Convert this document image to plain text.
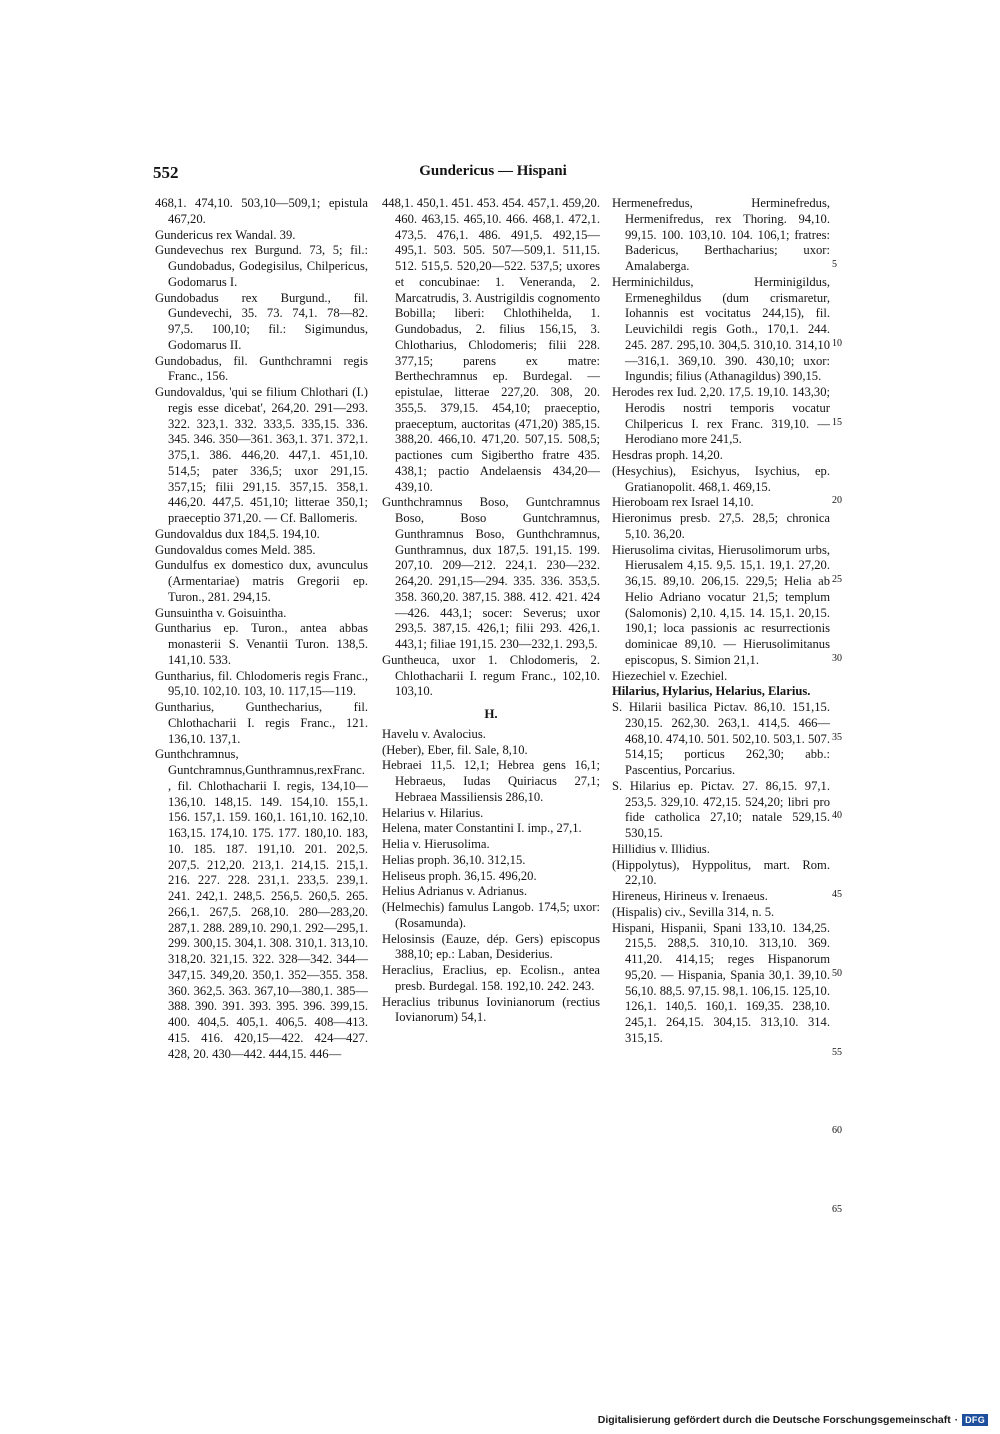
552	Gundericus — Hispani

468,1. 474,10. 503,10—509,1; epistula 467,20.

Gundericus rex Wandal. 39.

Gundevechus rex Burgund. 73, 5; fil.: Gundobadus, Godegisilus, Chilpericus, Godomarus I.

Gundobadus rex Burgund., fil. Gundevechi, 35. 73. 74,1. 78—82. 97,5. 100,10; fil.: Sigimundus, Godomarus II.

Gundobadus, fil. Gunthchramni regis Franc., 156.

Gundovaldus, 'qui se filium Chlothari (I.) regis esse dicebat', 264,20. 291—293. 322. 323,1. 332. 333,5. 335,15. 336. 345. 346. 350—361. 363,1. 371. 372,1. 375,1. 386. 446,20. 447,1. 451,10. 514,5; pater 336,5; uxor 291,15. 357,15; filii 291,15. 357,15. 358,1. 446,20. 447,5. 451,10; litterae 350,1; praeceptio 371,20. — Cf. Ballomeris.

Gundovaldus dux 184,5. 194,10.

Gundovaldus comes Meld. 385.

Gundulfus ex domestico dux, avunculus (Armentariae) matris Gregorii ep. Turon., 281. 294,15.

Gunsuintha v. Goisuintha.

Guntharius ep. Turon., antea abbas monasterii S. Venantii Turon. 138,5. 141,10. 533.

Guntharius, fil. Chlodomeris regis Franc., 95,10. 102,10. 103, 10. 117,15—119.

Guntharius, Gunthecharius, fil. Chlothacharii I. regis Franc., 121. 136,10. 137,1.

Gunthchramnus, Guntchramnus,Gunthramnus,rexFranc., fil. Chlothacharii I. regis, 134,10—136,10. 148,15. 149. 154,10. 155,1. 156. 157,1. 159. 160,1. 161,10. 162,10. 163,15. 174,10. 175. 177. 180,10. 183, 10. 185. 187. 191,10. 201. 202,5. 207,5. 212,20. 213,1. 214,15. 215,1. 216. 227. 228. 231,1. 233,5. 239,1. 241. 242,1. 248,5. 256,5. 260,5. 265. 266,1. 267,5. 268,10. 280—283,20. 287,1. 288. 289,10. 290,1. 292—295,1. 299. 300,15. 304,1. 308. 310,1. 313,10. 318,20. 321,15. 322. 328—342. 344—347,15. 349,20. 350,1. 352—355. 358. 360. 362,5. 363. 367,10—380,1. 385—388. 390. 391. 393. 395. 396. 399,15. 400. 404,5. 405,1. 406,5. 408—413. 415. 416. 420,15—422. 424—427. 428, 20. 430—442. 444,15. 446—

448,1. 450,1. 451. 453. 454. 457,1. 459,20. 460. 463,15. 465,10. 466. 468,1. 472,1. 473,5. 476,1. 486. 491,5. 492,15—495,1. 503. 505. 507—509,1. 511,15. 512. 515,5. 520,20—522. 537,5; uxores et concubinae: 1. Veneranda, 2. Marcatrudis, 3. Austrigildis cognomento Bobilla; liberi: Chlothihelda, 1. Gundobadus, 2. filius 156,15, 3. Chlotharius, Chlodomeris; filii 228. 377,15; parens ex matre: Berthechramnus ep. Burdegal. — epistulae, litterae 227,20. 308, 20. 355,5. 379,15. 454,10; praeceptio, praeceptum, auctoritas (471,20) 385,15. 388,20. 466,10. 471,20. 507,15. 508,5; pactiones cum Sigibertho fratre 435. 438,1; pactio Andelaensis 434,20—439,10.

Gunthchramnus Boso, Guntchramnus Boso, Boso Guntchramnus, Gunthramnus Boso, Gunthchramnus, Gunthramnus, dux 187,5. 191,15. 199. 207,10. 209—212. 224,1. 230—232. 264,20. 291,15—294. 335. 336. 353,5. 358. 360,20. 387,15. 388. 412. 421. 424—426. 443,1; socer: Severus; uxor 293,5. 387,15. 426,1; filii 293. 426,1. 443,1; filiae 191,15. 230—232,1. 293,5.

Guntheuca, uxor 1. Chlodomeris, 2. Chlothacharii I. regum Franc., 102,10. 103,10.

H.

Havelu v. Avalocius.

(Heber), Eber, fil. Sale, 8,10.

Hebraei 11,5. 12,1; Hebrea gens 16,1; Hebraeus, Iudas Quiriacus 27,1; Hebraea Massiliensis 286,10.

Helarius v. Hilarius.

Helena, mater Constantini I. imp., 27,1.

Helia v. Hierusolima.

Helias proph. 36,10. 312,15.

Heliseus proph. 36,15. 496,20.

Helius Adrianus v. Adrianus.

(Helmechis) famulus Langob. 174,5; uxor: (Rosamunda).

Helosinsis (Eauze, dép. Gers) episcopus 388,10; ep.: Laban, Desiderius.

Heraclius, Eraclius, ep. Ecolisn., antea presb. Burdegal. 158. 192,10. 242. 243.

Heraclius tribunus Iovinianorum (rectius Iovianorum) 54,1.

Hermenefredus, Herminefredus, Hermenifredus, rex Thoring. 94,10. 99,15. 100. 103,10. 104. 106,1; fratres: Badericus, Berthacharius; uxor: Amalaberga.

Herminichildus, Herminigildus, Ermeneghildus (dum crismaretur, Iohannis est vocitatus 244,15), fil. Leuvichildi regis Goth., 170,1. 244. 245. 287. 295,10. 304,5. 310,10. 314,10—316,1. 369,10. 390. 430,10; uxor: Ingundis; filius (Athanagildus) 390,15.

Herodes rex Iud. 2,20. 17,5. 19,10. 143,30; Herodis nostri temporis vocatur Chilpericus I. rex Franc. 319,10. — Herodiano more 241,5.

Hesdras proph. 14,20.

(Hesychius), Esichyus, Isychius, ep. Gratianopolit. 468,1. 469,15.

Hieroboam rex Israel 14,10.

Hieronimus presb. 27,5. 28,5; chronica 5,10. 36,20.

Hierusolima civitas, Hierusolimorum urbs, Hierusalem 4,15. 9,5. 15,1. 19,1. 27,20. 36,15. 89,10. 206,15. 229,5; Helia ab Helio Adriano vocatur 21,5; templum (Salomonis) 2,10. 4,15. 14. 15,1. 20,15. 190,1; loca passionis ac resurrectionis dominicae 89,10. — Hierusolimitanus episcopus, S. Simion 21,1.

Hiezechiel v. Ezechiel.

Hilarius, Hylarius, Helarius, Elarius.

S. Hilarii basilica Pictav. 86,10. 151,15. 230,15. 262,30. 263,1. 414,5. 466—468,10. 474,10. 501. 502,10. 503,1. 507. 514,15; porticus 262,30; abb.: Pascentius, Porcarius.

S. Hilarius ep. Pictav. 27. 86,15. 97,1. 253,5. 329,10. 472,15. 524,20; libri pro fide catholica 27,10; natale 529,15. 530,15.

Hillidius v. Illidius.

(Hippolytus), Hyppolitus, mart. Rom. 22,10.

Hireneus, Hirineus v. Irenaeus.

(Hispalis) civ., Sevilla 314, n. 5.

Hispani, Hispanii, Spani 133,10. 134,25. 215,5. 288,5. 310,10. 313,10. 369. 411,20. 414,15; reges Hispanorum 95,20. — Hispania, Spania 30,1. 39,10. 56,10. 88,5. 97,15. 98,1. 106,15. 125,10. 126,1. 140,5. 160,1. 169,35. 238,10. 245,1. 264,15. 304,15. 313,10. 314. 315,15.

5
10
15
20
25
30
35
40
45
50
55
60
65
Digitalisierung gefördert durch die Deutsche Forschungsgemeinschaft · DFG
